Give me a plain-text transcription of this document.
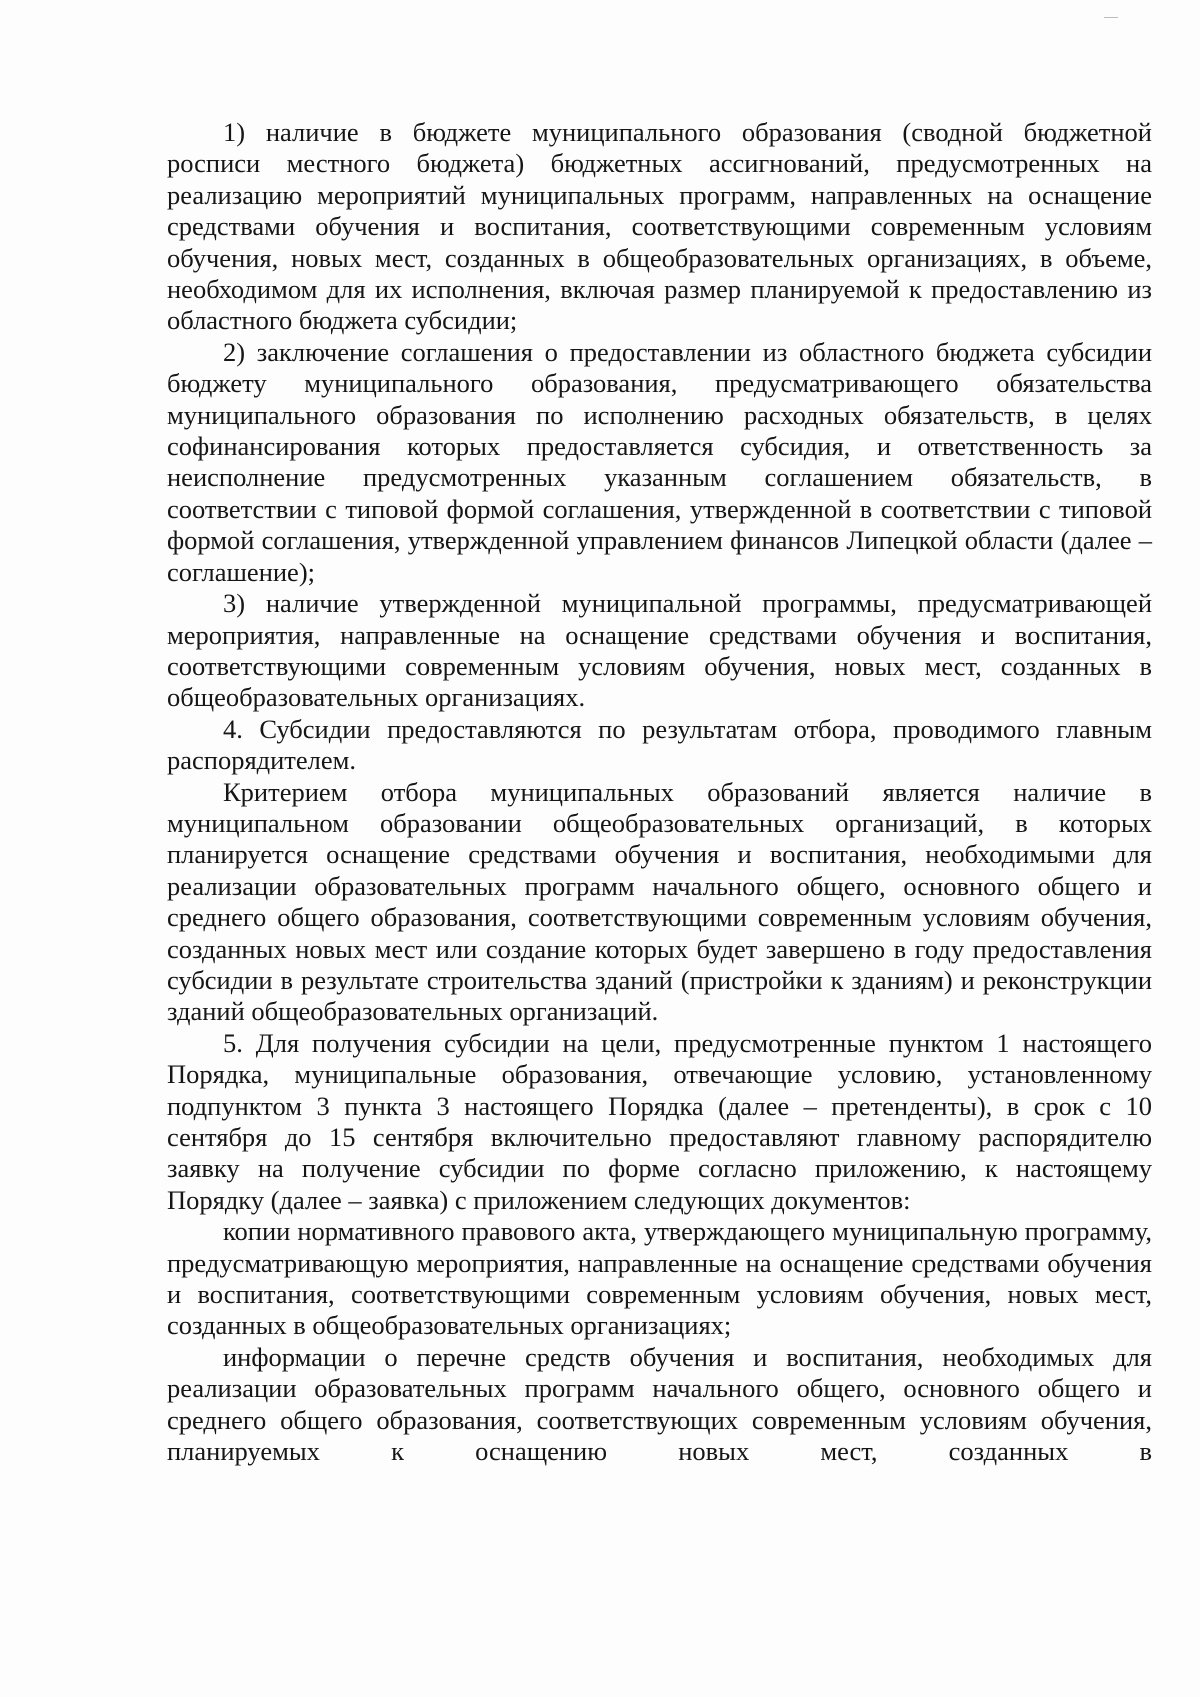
1) наличие в бюджете муниципального образования (сводной бюджетной росписи местного бюджета) бюджетных ассигнований, предусмотренных на реализацию мероприятий муниципальных программ, направленных на оснащение средствами обучения и воспитания, соответствующими современным условиям обучения, новых мест, созданных в общеобразовательных организациях, в объеме, необходимом для их исполнения, включая размер планируемой к предоставлению из областного бюджета субсидии;

2) заключение соглашения о предоставлении из областного бюджета субсидии бюджету муниципального образования, предусматривающего обязательства муниципального образования по исполнению расходных обязательств, в целях софинансирования которых предоставляется субсидия, и ответственность за неисполнение предусмотренных указанным соглашением обязательств, в соответствии с типовой формой соглашения, утвержденной в соответствии с типовой формой соглашения, утвержденной управлением финансов Липецкой области (далее – соглашение);

3) наличие утвержденной муниципальной программы, предусматривающей мероприятия, направленные на оснащение средствами обучения и воспитания, соответствующими современным условиям обучения, новых мест, созданных в общеобразовательных организациях.

4. Субсидии предоставляются по результатам отбора, проводимого главным распорядителем.

Критерием отбора муниципальных образований является наличие в муниципальном образовании общеобразовательных организаций, в которых планируется оснащение средствами обучения и воспитания, необходимыми для реализации образовательных программ начального общего, основного общего и среднего общего образования, соответствующими современным условиям обучения, созданных новых мест или создание которых будет завершено в году предоставления субсидии в результате строительства зданий (пристройки к зданиям) и реконструкции зданий общеобразовательных организаций.

5. Для получения субсидии на цели, предусмотренные пунктом 1 настоящего Порядка, муниципальные образования, отвечающие условию, установленному подпунктом 3 пункта 3 настоящего Порядка (далее – претенденты), в срок с 10 сентября до 15 сентября включительно предоставляют главному распорядителю заявку на получение субсидии по форме согласно приложению, к настоящему Порядку (далее – заявка) с приложением следующих документов:

копии нормативного правового акта, утверждающего муниципальную программу, предусматривающую мероприятия, направленные на оснащение средствами обучения и воспитания, соответствующими современным условиям обучения, новых мест, созданных в общеобразовательных организациях;

информации о перечне средств обучения и воспитания, необходимых для реализации образовательных программ начального общего, основного общего и среднего общего образования, соответствующих современным условиям обучения, планируемых к оснащению новых мест, созданных в
